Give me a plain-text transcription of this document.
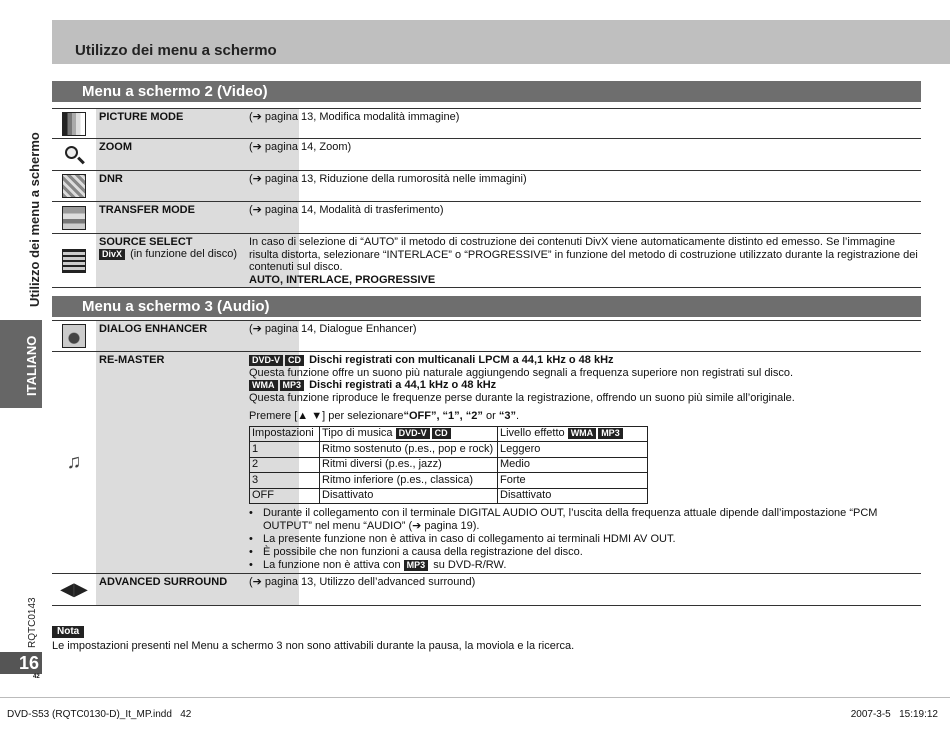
Utilizzo dei menu a schermo
Utilizzo dei menu a schermo
ITALIANO
RQTC0143
16
42
Menu a schermo 2 (Video)
PICTURE MODE	(➔ pagina 13, Modifica modalità immagine)
ZOOM	(➔ pagina 14, Zoom)
DNR	(➔ pagina 13, Riduzione della rumorosità nelle immagini)
TRANSFER MODE	(➔ pagina 14, Modalità di trasferimento)
SOURCE SELECT
DivX (in funzione del disco)
In caso di selezione di “AUTO” il metodo di costruzione dei contenuti DivX viene automaticamente distinto ed emesso. Se l’immagine risulta distorta, selezionare “INTERLACE” o “PROGRESSIVE” in funzione del metodo di costruzione utilizzato durante la registrazione dei contenuti sul disco.
AUTO, INTERLACE, PROGRESSIVE
Menu a schermo 3 (Audio)
DIALOG ENHANCER	(➔ pagina 14, Dialogue Enhancer)
♫
RE-MASTER	DVD-V CD Dischi registrati con multicanali LPCM a 44,1 kHz o 48 kHz
Questa funzione offre un suono più naturale aggiungendo segnali a frequenza superiore non registrati sul disco.
WMA MP3 Dischi registrati a 44,1 kHz o 48 kHz
Questa funzione riproduce le frequenze perse durante la registrazione, offrendo un suono più simile all’originale.
Premere [▲ ▼] per selezionare“OFF”, “1”, “2” or “3”.
Impostazioni	Tipo di musica DVD-V CD	Livello effetto WMA MP3
1	Ritmo sostenuto (p.es., pop e rock)	Leggero
2	Ritmi diversi (p.es., jazz)	Medio
3	Ritmo inferiore (p.es., classica)	Forte
OFF	Disattivato	Disattivato
• Durante il collegamento con il terminale DIGITAL AUDIO OUT, l’uscita della frequenza attuale dipende dall’impostazione “PCM OUTPUT” nel menu “AUDIO” (➔ pagina 19).
• La presente funzione non è attiva in caso di collegamento ai terminali HDMI AV OUT.
• È possibile che non funzioni a causa della registrazione del disco.
• La funzione non è attiva con MP3 su DVD-R/RW.
◀▶ ADVANCED SURROUND	(➔ pagina 13, Utilizzo dell’advanced surround)
Nota
Le impostazioni presenti nel Menu a schermo 3 non sono attivabili durante la pausa, la moviola e la ricerca.
DVD-S53 (RQTC0130-D)_It_MP.indd   42	2007-3-5   15:19:12
